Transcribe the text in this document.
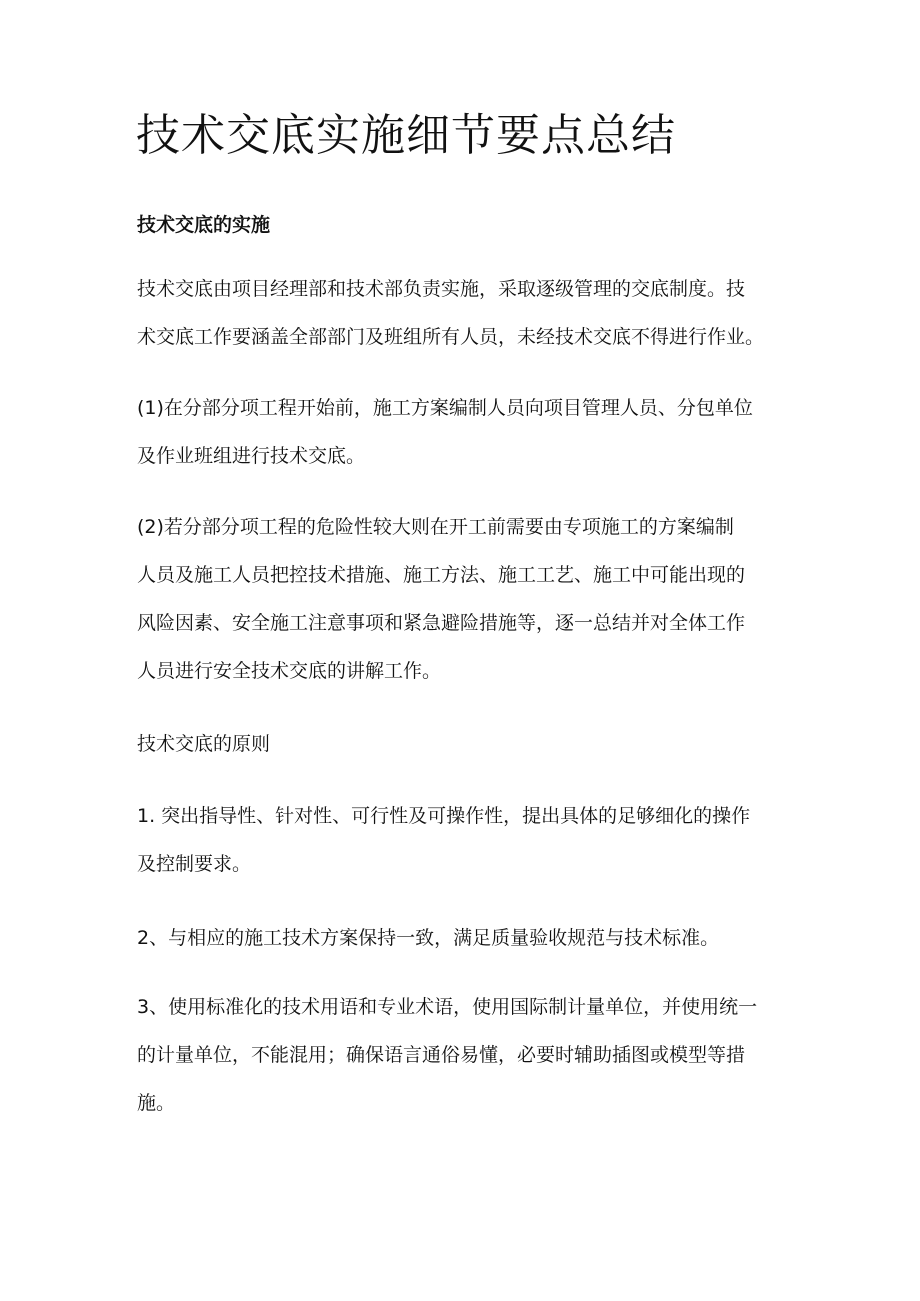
技术交底实施细节要点总结
技术交底的实施
技术交底由项目经理部和技术部负责实施，采取逐级管理的交底制度。技
术交底工作要涵盖全部部门及班组所有人员，未经技术交底不得进行作业。
(1)在分部分项工程开始前，施工方案编制人员向项目管理人员、分包单位
及作业班组进行技术交底。
(2)若分部分项工程的危险性较大则在开工前需要由专项施工的方案编制
人员及施工人员把控技术措施、施工方法、施工工艺、施工中可能出现的
风险因素、安全施工注意事项和紧急避险措施等，逐一总结并对全体工作
人员进行安全技术交底的讲解工作。
技术交底的原则
1. 突出指导性、针对性、可行性及可操作性，提出具体的足够细化的操作
及控制要求。
2、与相应的施工技术方案保持一致，满足质量验收规范与技术标准。
3、使用标准化的技术用语和专业术语，使用国际制计量单位，并使用统一
的计量单位，不能混用；确保语言通俗易懂，必要时辅助插图或模型等措
施。
